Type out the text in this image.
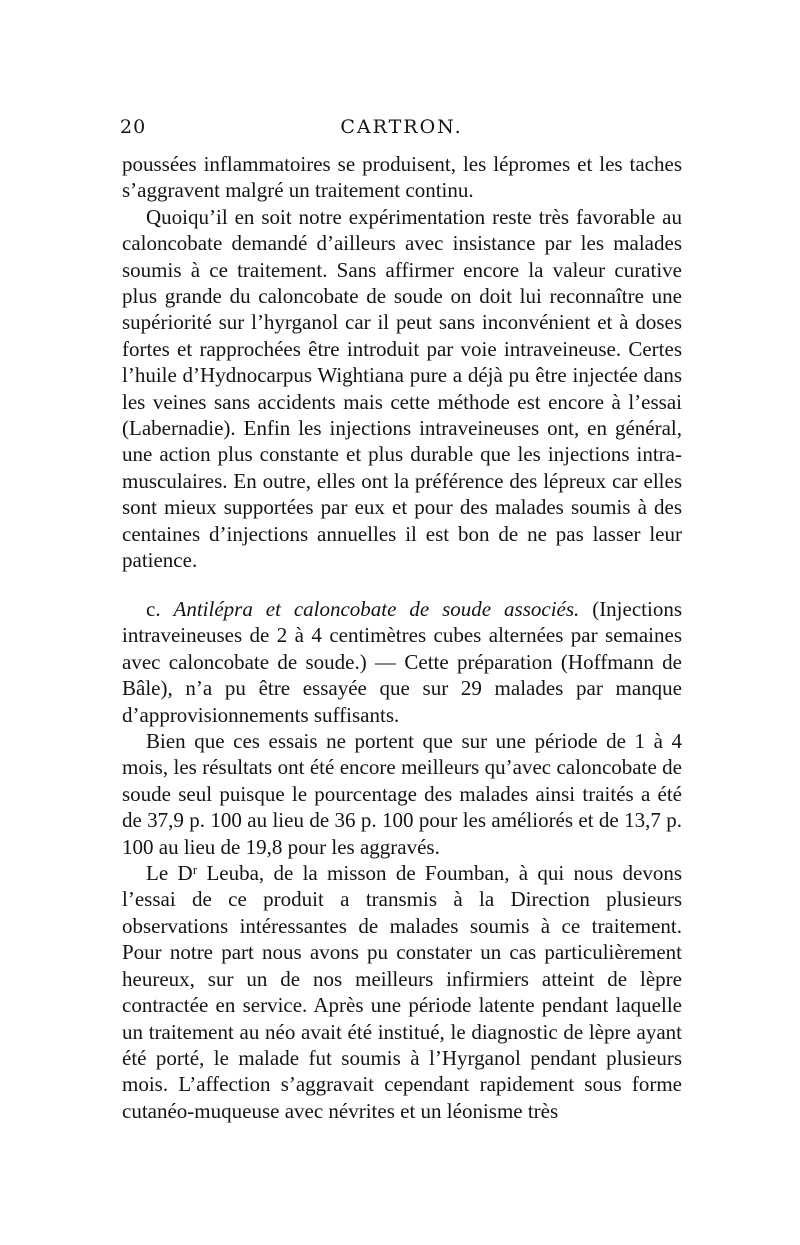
20	CARTRON.

poussées inflammatoires se produisent, les lépromes et les taches s’aggravent malgré un traitement continu.

Quoiqu’il en soit notre expérimentation reste très favorable au caloncobate demandé d’ailleurs avec insistance par les malades soumis à ce traitement. Sans affirmer encore la valeur curative plus grande du caloncobate de soude on doit lui reconnaître une supériorité sur l’hyrganol car il peut sans inconvénient et à doses fortes et rapprochées être introduit par voie intraveineuse. Certes l’huile d’Hydnocarpus Wightiana pure a déjà pu être injectée dans les veines sans accidents mais cette méthode est encore à l’essai (Labernadie). Enfin les injections intraveineuses ont, en général, une action plus constante et plus durable que les injections intra-musculaires. En outre, elles ont la préférence des lépreux car elles sont mieux supportées par eux et pour des malades soumis à des centaines d’injections annuelles il est bon de ne pas lasser leur patience.

c. Antilépra et caloncobate de soude associés. (Injections intraveineuses de 2 à 4 centimètres cubes alternées par semaines avec caloncobate de soude.) — Cette préparation (Hoffmann de Bâle), n’a pu être essayée que sur 29 malades par manque d’approvisionnements suffisants.

Bien que ces essais ne portent que sur une période de 1 à 4 mois, les résultats ont été encore meilleurs qu’avec caloncobate de soude seul puisque le pourcentage des malades ainsi traités a été de 37,9 p. 100 au lieu de 36 p. 100 pour les améliorés et de 13,7 p. 100 au lieu de 19,8 pour les aggravés.

Le Dʳ Leuba, de la misson de Foumban, à qui nous devons l’essai de ce produit a transmis à la Direction plusieurs observations intéressantes de malades soumis à ce traitement. Pour notre part nous avons pu constater un cas particulièrement heureux, sur un de nos meilleurs infirmiers atteint de lèpre contractée en service. Après une période latente pendant laquelle un traitement au néo avait été institué, le diagnostic de lèpre ayant été porté, le malade fut soumis à l’Hyrganol pendant plusieurs mois. L’affection s’aggravait cependant rapidement sous forme cutanéo-muqueuse avec névrites et un léonisme très
